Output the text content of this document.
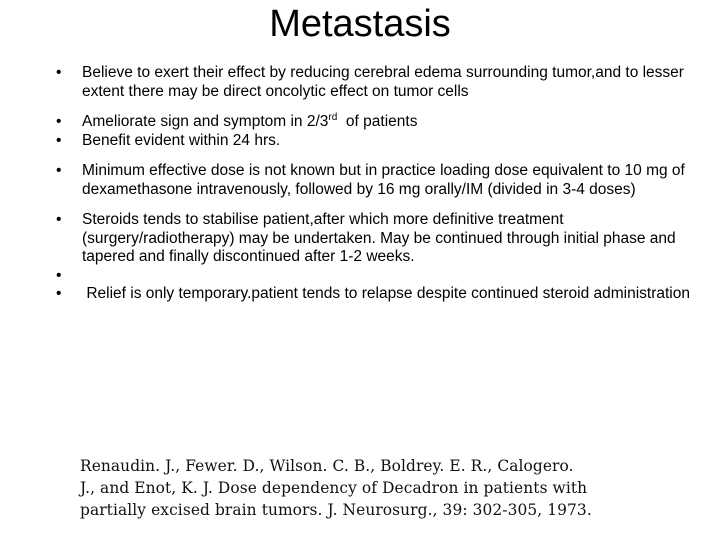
Metastasis
• Believe to exert their effect by reducing cerebral edema surrounding tumor,and to lesser extent there may be direct oncolytic effect on tumor cells
• Ameliorate sign and symptom in 2/3rd  of patients
• Benefit evident within 24 hrs.
• Minimum effective dose is not known but in practice loading dose equivalent to 10 mg of dexamethasone intravenously, followed by 16 mg orally/IM (divided in 3-4 doses)
• Steroids tends to stabilise patient,after which more definitive treatment (surgery/radiotherapy) may be undertaken. May be continued through initial phase and tapered and finally discontinued after 1-2 weeks.
•
•  Relief is only temporary.patient tends to relapse despite continued steroid administration
Renaudin. J., Fewer. D., Wilson. C. B., Boldrey. E. R., Calogero.
J., and Enot, K. J. Dose dependency of Decadron in patients with
partially excised brain tumors. J. Neurosurg., 39: 302-305, 1973.
